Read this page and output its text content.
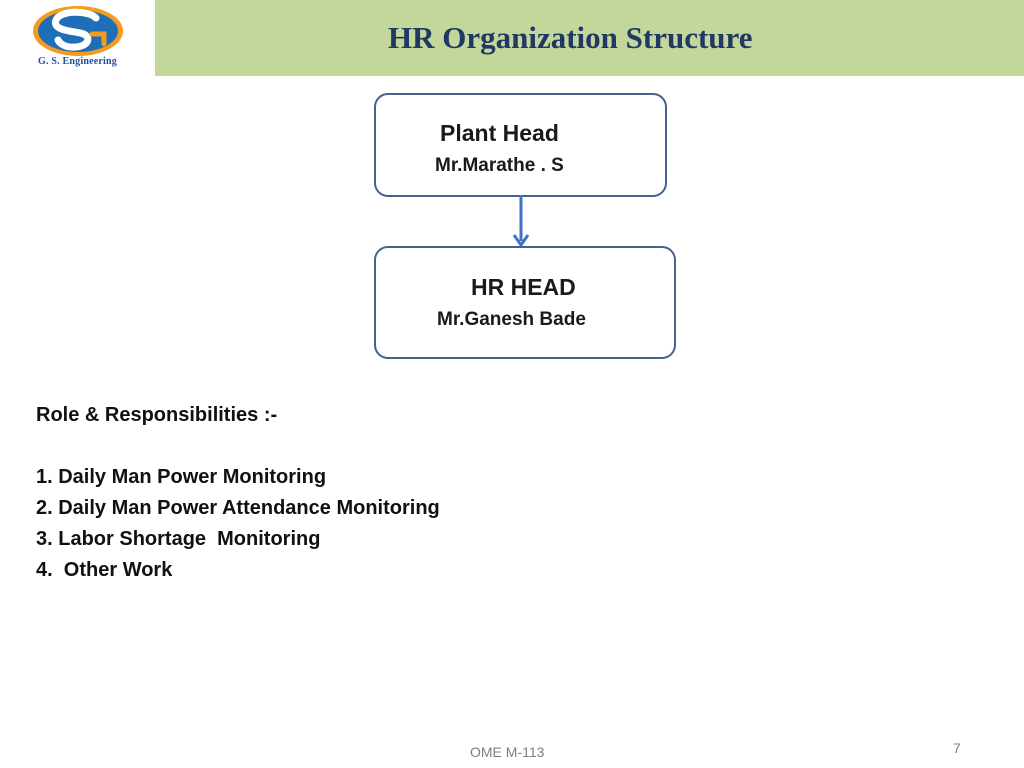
G. S. Engineering
HR Organization Structure
Plant Head
Mr.Marathe . S
HR HEAD
Mr.Ganesh Bade
Role & Responsibilities :-
1. Daily Man Power Monitoring
2. Daily Man Power Attendance Monitoring
3. Labor Shortage  Monitoring
4.  Other Work
OME M-113	7
